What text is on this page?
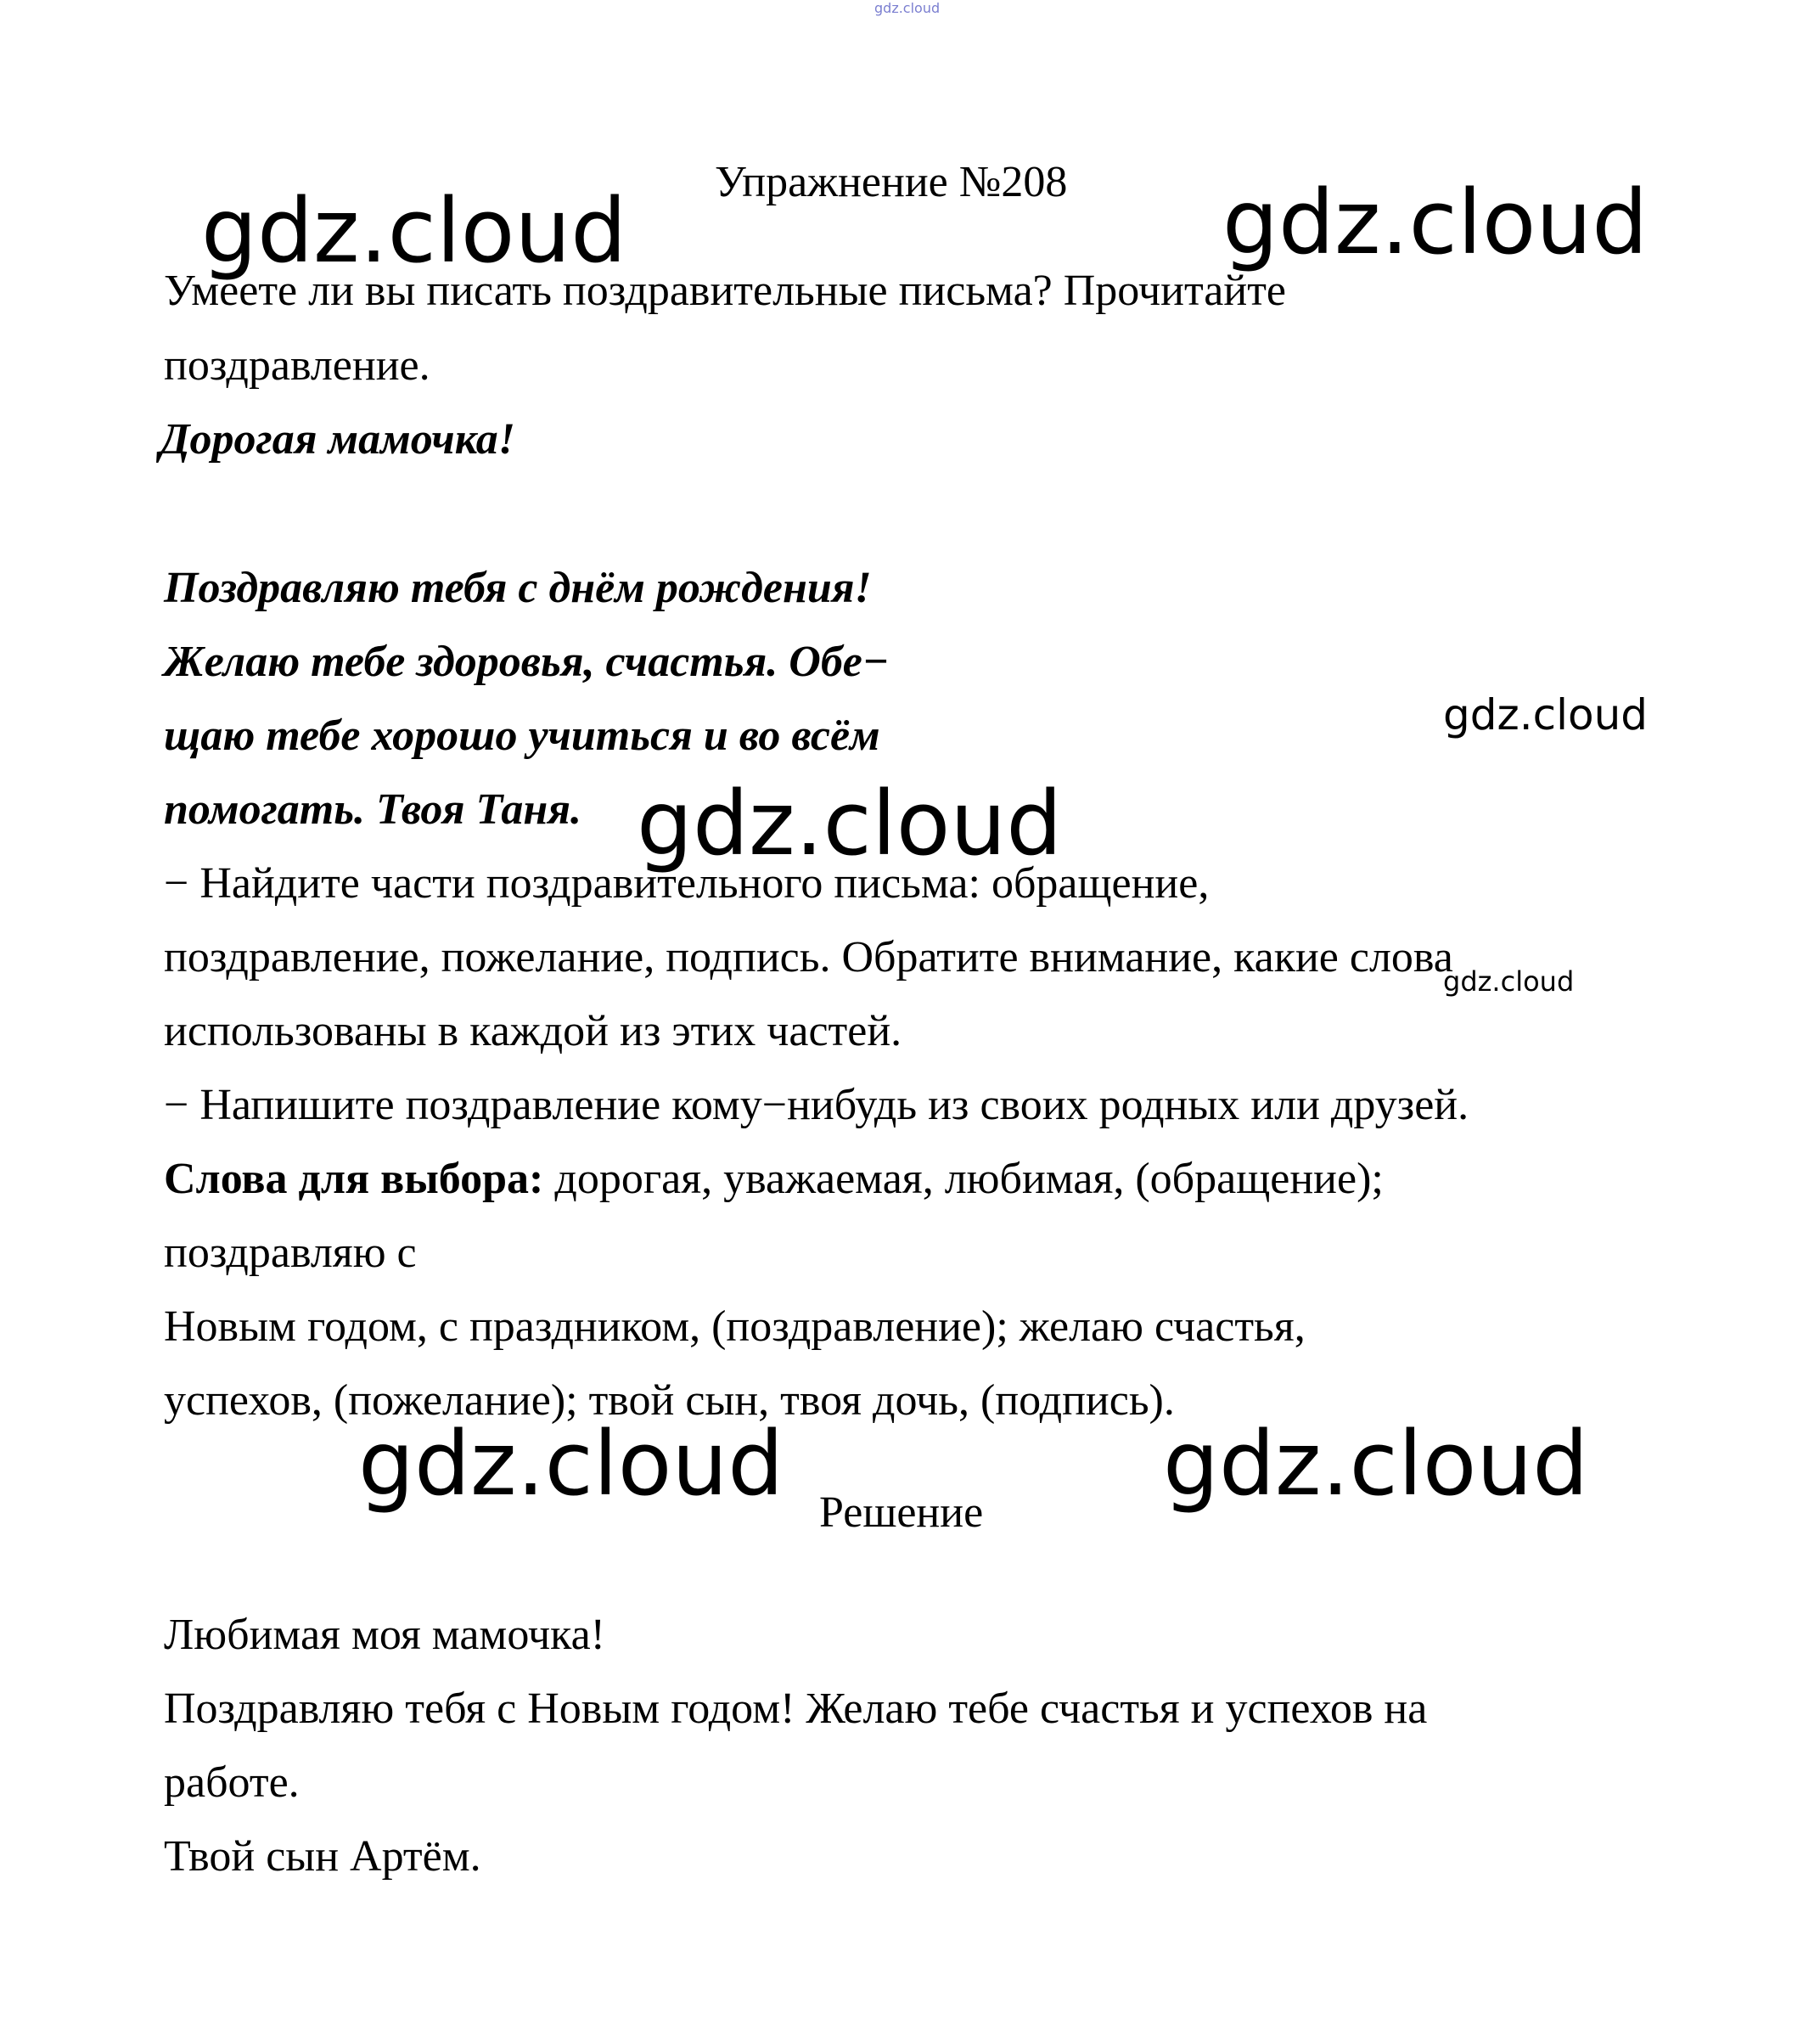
gdz.cloud
Упражнение №208
Умеете ли вы писать поздравительные письма? Прочитайте
поздравление.
Дорогая мамочка!
Поздравляю тебя с днём рождения!
Желаю тебе здоровья, счастья. Обе−
щаю тебе хорошо учиться и во всём
помогать. Твоя Таня.
− Найдите части поздравительного письма: обращение,
поздравление, пожелание, подпись. Обратите внимание, какие слова
использованы в каждой из этих частей.
− Напишите поздравление кому−нибудь из своих родных или друзей.
Слова для выбора: дорогая, уважаемая, любимая, (обращение);
поздравляю с
Новым годом, с праздником, (поздравление); желаю счастья,
успехов, (пожелание); твой сын, твоя дочь, (подпись).
Решение
Любимая моя мамочка!
Поздравляю тебя с Новым годом! Желаю тебе счастья и успехов на
работе.
Твой сын Артём.
gdz.cloud	gdz.cloud
gdz.cloud
gdz.cloud
gdz.cloud
gdz.cloud	gdz.cloud
